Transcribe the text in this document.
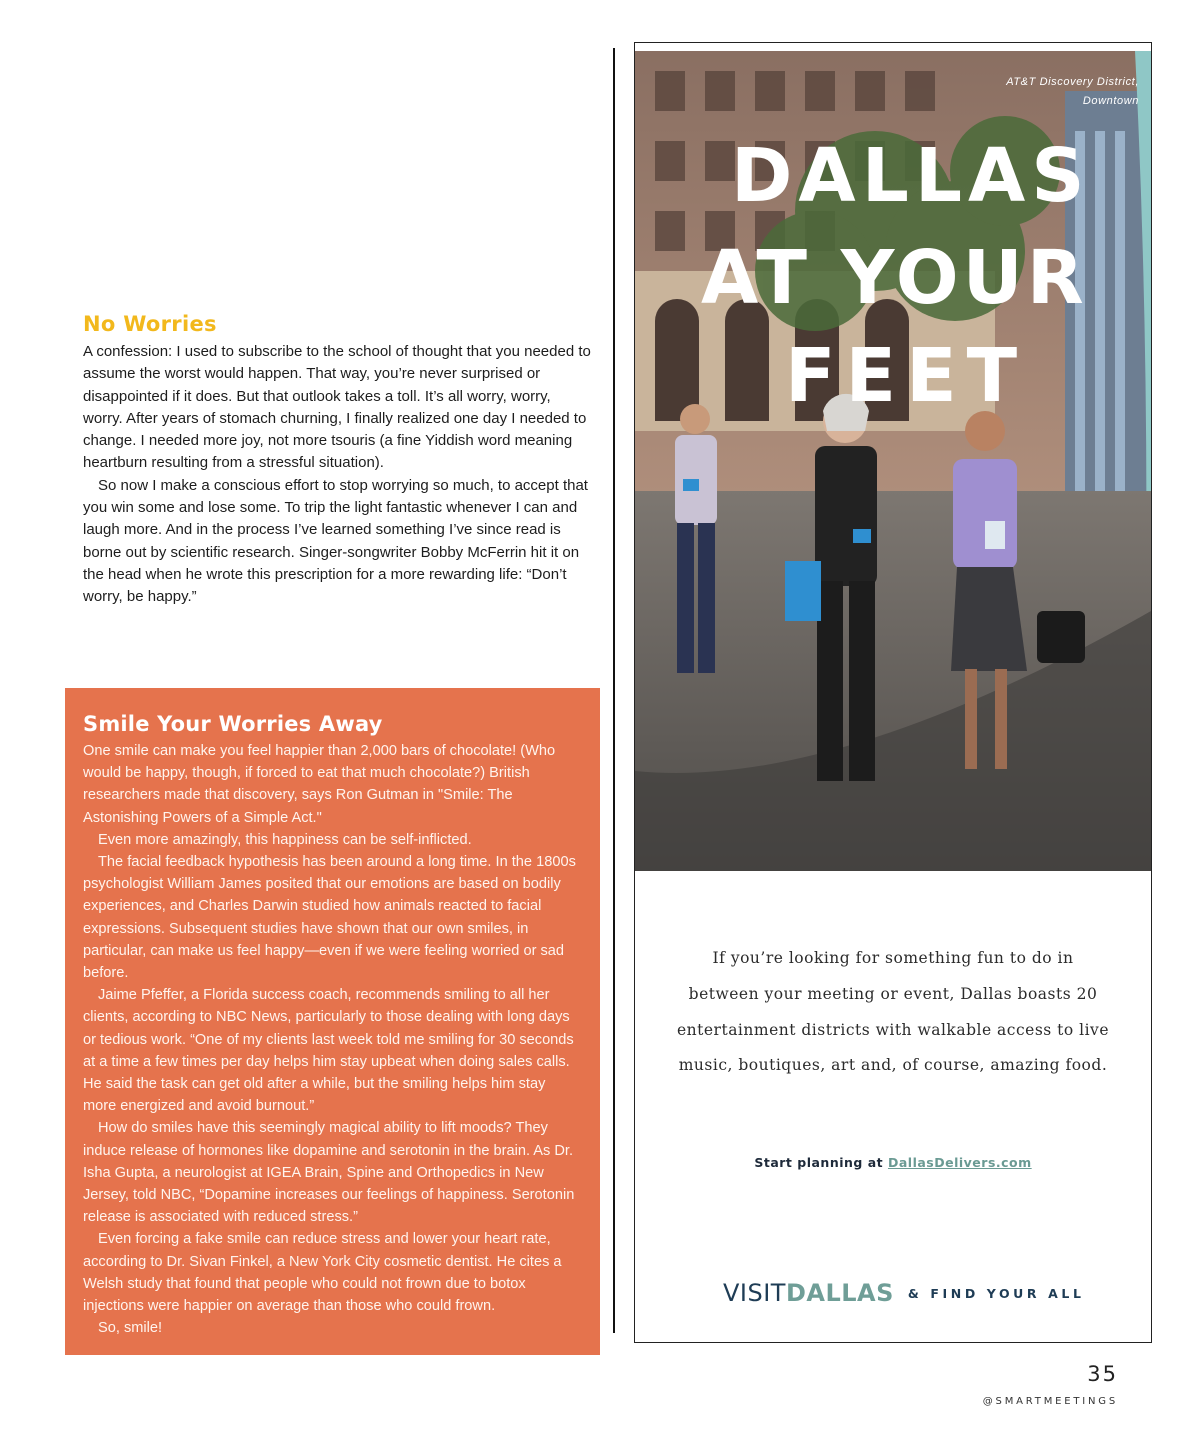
No Worries

A confession: I used to subscribe to the school of thought that you needed to assume the worst would happen. That way, you’re never surprised or disappointed if it does. But that outlook takes a toll. It’s all worry, worry, worry. After years of stomach churning, I finally realized one day I needed to change. I needed more joy, not more tsouris (a fine Yiddish word meaning heartburn resulting from a stressful situation).

So now I make a conscious effort to stop worrying so much, to accept that you win some and lose some. To trip the light fantastic whenever I can and laugh more. And in the process I’ve learned something I’ve since read is borne out by scientific research. Singer-songwriter Bobby McFerrin hit it on the head when he wrote this prescription for a more rewarding life: “Don’t worry, be happy.”

Smile Your Worries Away

One smile can make you feel happier than 2,000 bars of chocolate! (Who would be happy, though, if forced to eat that much chocolate?) British researchers made that discovery, says Ron Gutman in "Smile: The Astonishing Powers of a Simple Act."

Even more amazingly, this happiness can be self-inflicted.

The facial feedback hypothesis has been around a long time. In the 1800s psychologist William James posited that our emotions are based on bodily experiences, and Charles Darwin studied how animals reacted to facial expressions. Subsequent studies have shown that our own smiles, in particular, can make us feel happy—even if we were feeling worried or sad before.

Jaime Pfeffer, a Florida success coach, recommends smiling to all her clients, according to NBC News, particularly to those dealing with long days or tedious work. “One of my clients last week told me smiling for 30 seconds at a time a few times per day helps him stay upbeat when doing sales calls. He said the task can get old after a while, but the smiling helps him stay more energized and avoid burnout.”

How do smiles have this seemingly magical ability to lift moods? They induce release of hormones like dopamine and serotonin in the brain. As Dr. Isha Gupta, a neurologist at IGEA Brain, Spine and Orthopedics in New Jersey, told NBC, “Dopamine increases our feelings of happiness. Serotonin release is associated with reduced stress.”

Even forcing a fake smile can reduce stress and lower your heart rate, according to Dr. Sivan Finkel, a New York City cosmetic dentist. He cites a Welsh study that found that people who could not frown due to botox injections were happier on average than those who could frown.

So, smile!

DALLAS
AT YOUR
FEET
AT&T Discovery District,
Downtown

If you’re looking for something fun to do in between your meeting or event, Dallas boasts 20 entertainment districts with walkable access to live music, boutiques, art and, of course, amazing food.

Start planning at DallasDelivers.com

VISIT DALLAS & FIND YOUR ALL
35
@SMARTMEETINGS
